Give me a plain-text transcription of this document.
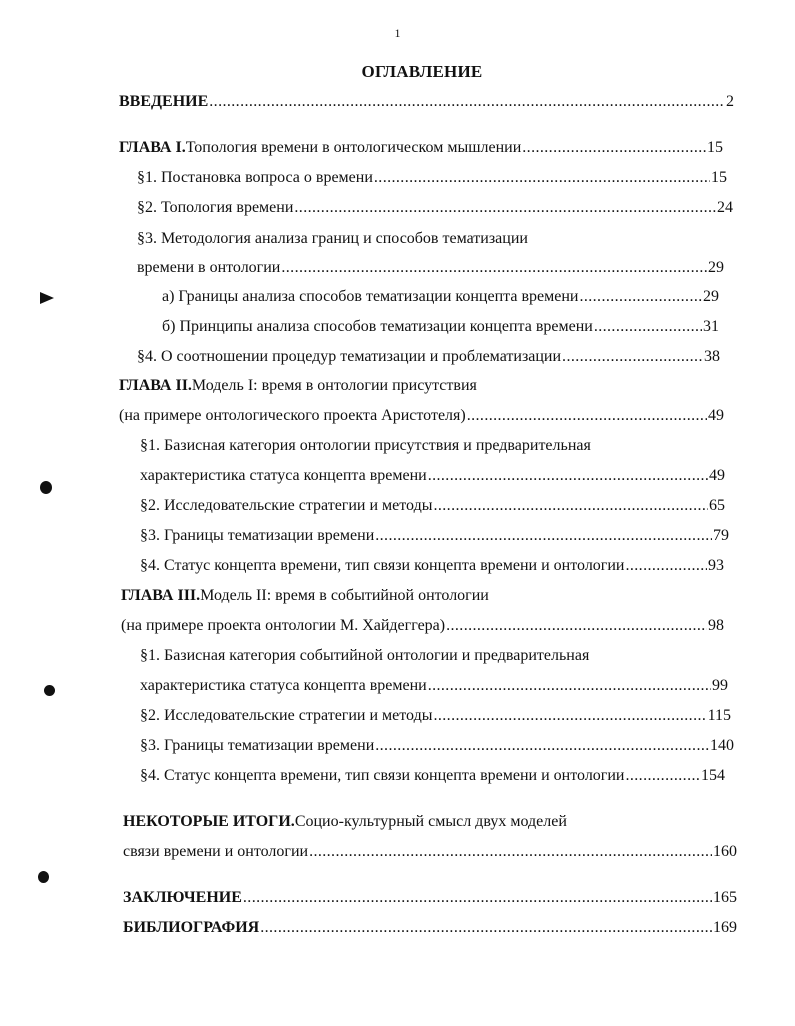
1
ОГЛАВЛЕНИЕ
ВВЕДЕНИЕ .....	2
ГЛАВА I. Топология времени в онтологическом мышлении .....	15
§1. Постановка вопроса о времени .....	15
§2. Топология времени .....	24
§3. Методология анализа границ и способов тематизации
времени в онтологии .....	29
а) Границы анализа способов тематизации концепта времени .....	29
б) Принципы анализа способов тематизации концепта времени .....	31
§4. О соотношении процедур тематизации и проблематизации .....	38
ГЛАВА II. Модель I: время в онтологии присутствия
(на примере онтологического проекта Аристотеля) .....	49
§1. Базисная категория онтологии присутствия и предварительная
характеристика статуса концепта времени .....	49
§2. Исследовательские стратегии и методы .....	65
§3. Границы тематизации времени .....	79
§4. Статус концепта времени, тип связи концепта времени и онтологии .....	93
ГЛАВА III. Модель II: время в событийной онтологии
(на примере проекта онтологии М. Хайдеггера) .....	98
§1. Базисная категория событийной онтологии и предварительная
характеристика статуса концепта времени .....	99
§2. Исследовательские стратегии и методы .....	115
§3. Границы тематизации времени .....	140
§4. Статус концепта времени, тип связи концепта времени и онтологии .....	154
НЕКОТОРЫЕ ИТОГИ. Социо-культурный смысл двух моделей
связи времени и онтологии .....	160
ЗАКЛЮЧЕНИЕ .....	165
БИБЛИОГРАФИЯ .....	169
